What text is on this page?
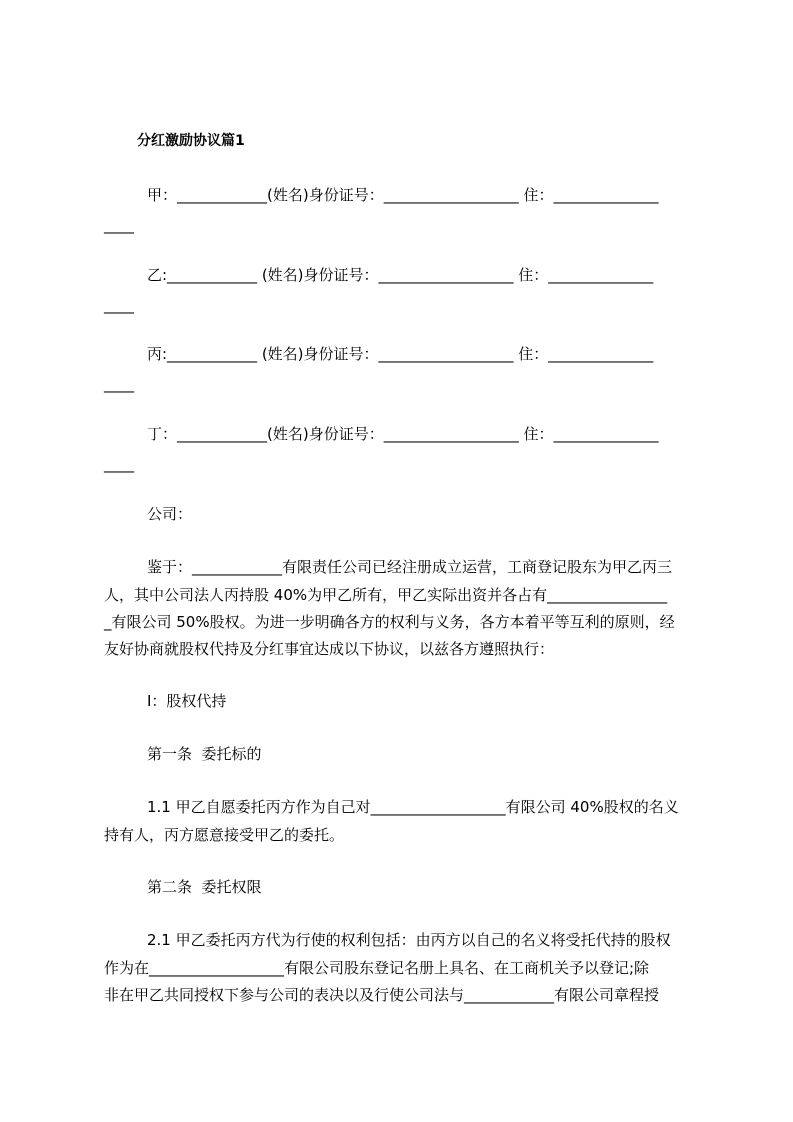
分红激励协议篇1
甲：____________(姓名)身份证号：__________________ 住：______________
____
乙:____________ (姓名)身份证号：__________________ 住：______________
____
丙:____________ (姓名)身份证号：__________________ 住：______________
____
丁：____________(姓名)身份证号：__________________ 住：______________
____
公司：
鉴于：____________有限责任公司已经注册成立运营，工商登记股东为甲乙丙三
人，其中公司法人丙持股 40%为甲乙所有，甲乙实际出资并各占有________________
_有限公司 50%股权。为进一步明确各方的权利与义务，各方本着平等互利的原则，经
友好协商就股权代持及分红事宜达成以下协议，以兹各方遵照执行：
Ⅰ：股权代持
第一条  委托标的
1.1 甲乙自愿委托丙方作为自己对__________________有限公司 40%股权的名义
持有人，丙方愿意接受甲乙的委托。
第二条  委托权限
2.1 甲乙委托丙方代为行使的权利包括：由丙方以自己的名义将受托代持的股权
作为在__________________有限公司股东登记名册上具名、在工商机关予以登记;除
非在甲乙共同授权下参与公司的表决以及行使公司法与____________有限公司章程授
